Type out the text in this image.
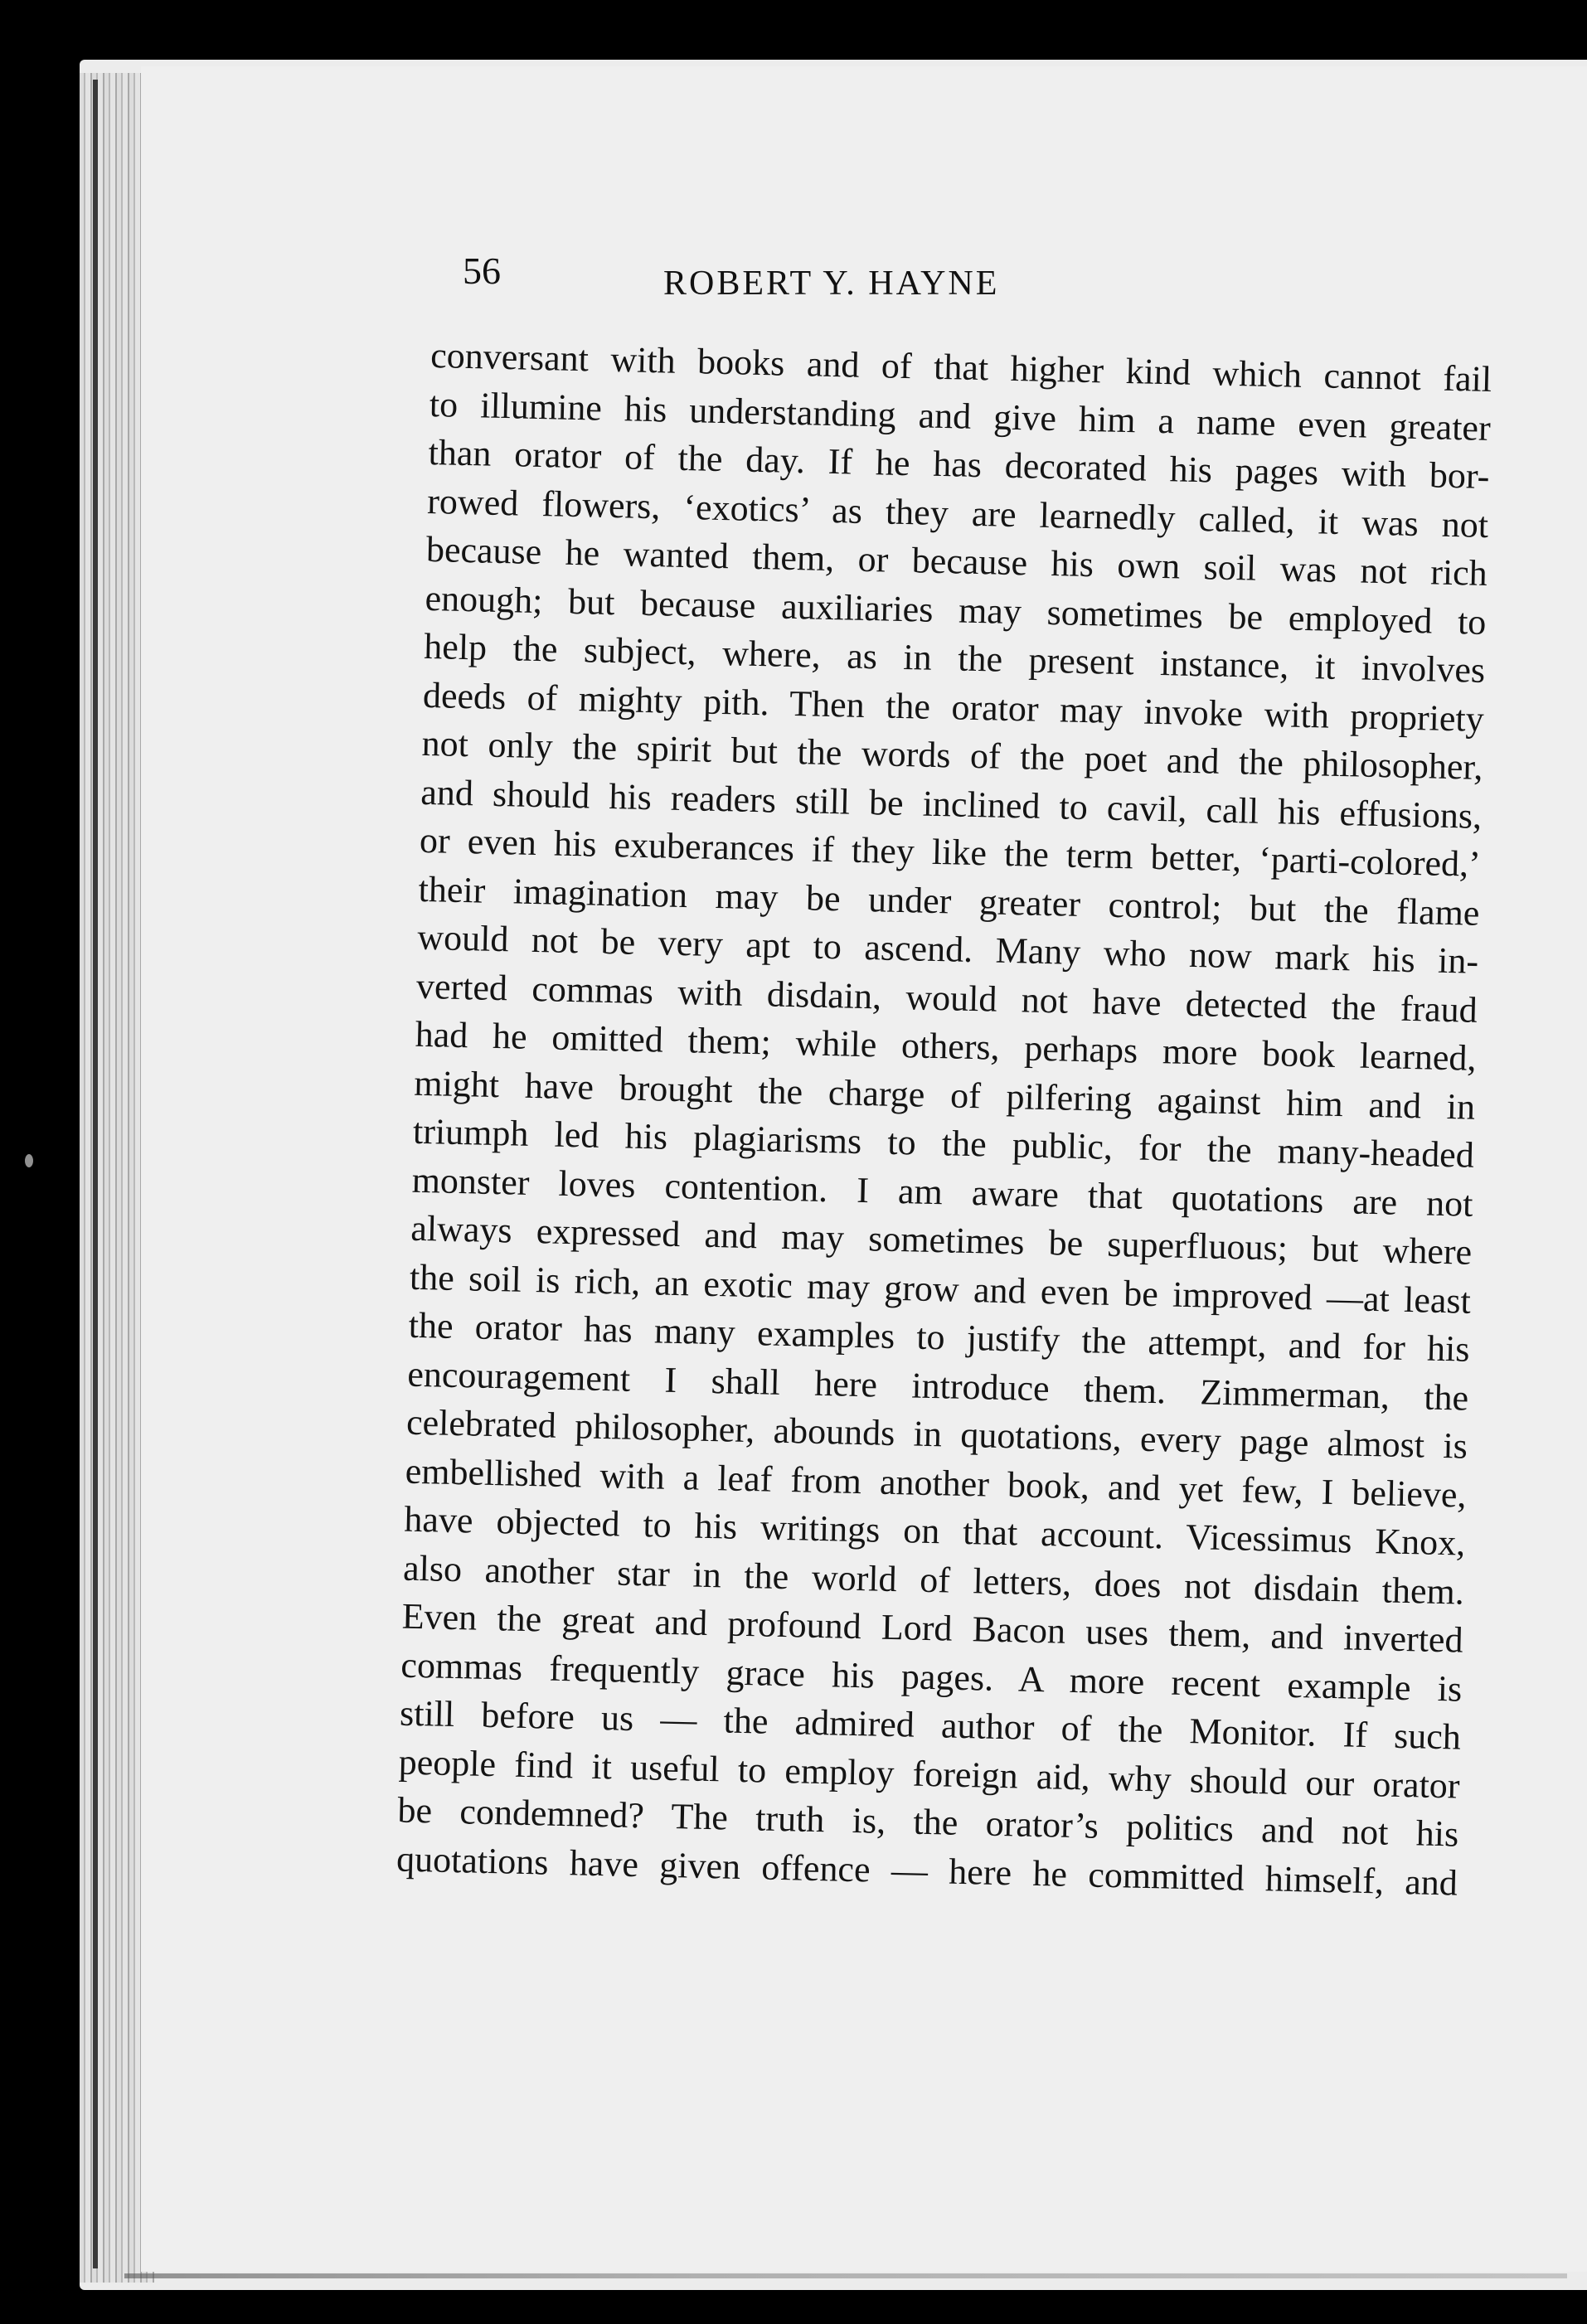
56	ROBERT Y. HAYNE
conversant with books and of that higher kind which cannot fail
to illumine his understanding and give him a name even greater
than orator of the day. If he has decorated his pages with bor-
rowed flowers, ‘exotics’ as they are learnedly called, it was not
because he wanted them, or because his own soil was not rich
enough; but because auxiliaries may sometimes be employed to
help the subject, where, as in the present instance, it involves
deeds of mighty pith. Then the orator may invoke with propriety
not only the spirit but the words of the poet and the philosopher,
and should his readers still be inclined to cavil, call his effusions,
or even his exuberances if they like the term better, ‘parti-colored,’
their imagination may be under greater control; but the flame
would not be very apt to ascend. Many who now mark his in-
verted commas with disdain, would not have detected the fraud
had he omitted them; while others, perhaps more book learned,
might have brought the charge of pilfering against him and in
triumph led his plagiarisms to the public, for the many-headed
monster loves contention. I am aware that quotations are not
always expressed and may sometimes be superfluous; but where
the soil is rich, an exotic may grow and even be improved —at least
the orator has many examples to justify the attempt, and for his
encouragement I shall here introduce them. Zimmerman, the
celebrated philosopher, abounds in quotations, every page almost is
embellished with a leaf from another book, and yet few, I believe,
have objected to his writings on that account. Vicessimus Knox,
also another star in the world of letters, does not disdain them.
Even the great and profound Lord Bacon uses them, and inverted
commas frequently grace his pages. A more recent example is
still before us — the admired author of the Monitor. If such
people find it useful to employ foreign aid, why should our orator
be condemned? The truth is, the orator’s politics and not his
quotations have given offence — here he committed himself, and
